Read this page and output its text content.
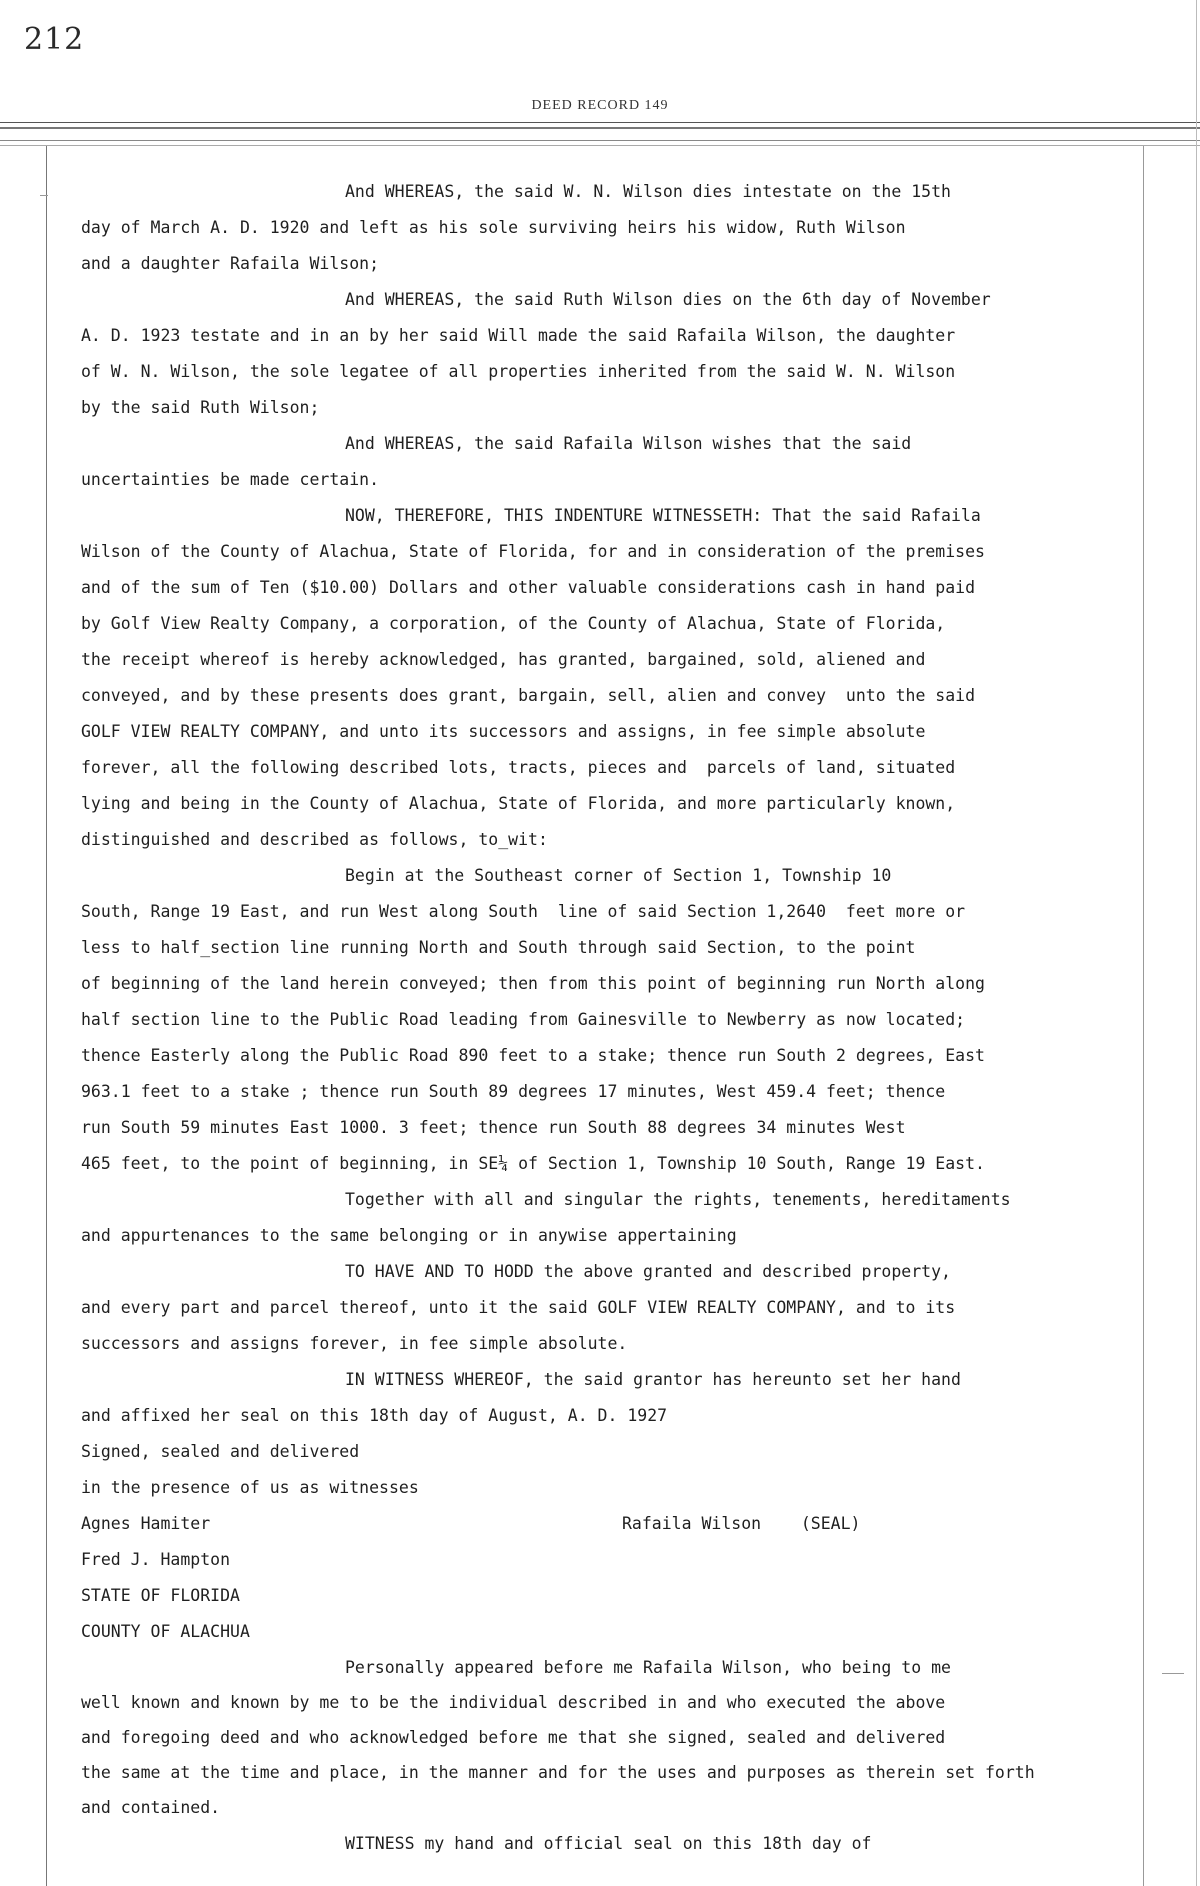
212
DEED RECORD 149
And WHEREAS, the said W. N. Wilson dies intestate on the 15th
day of March A. D. 1920 and left as his sole surviving heirs his widow, Ruth Wilson
and a daughter Rafaila Wilson;
And WHEREAS, the said Ruth Wilson dies on the 6th day of November
A. D. 1923 testate and in an by her said Will made the said Rafaila Wilson, the daughter
of W. N. Wilson, the sole legatee of all properties inherited from the said W. N. Wilson
by the said Ruth Wilson;
And WHEREAS, the said Rafaila Wilson wishes that the said
uncertainties be made certain.
NOW, THEREFORE, THIS INDENTURE WITNESSETH: That the said Rafaila
Wilson of the County of Alachua, State of Florida, for and in consideration of the premises
and of the sum of Ten ($10.00) Dollars and other valuable considerations cash in hand paid
by Golf View Realty Company, a corporation, of the County of Alachua, State of Florida,
the receipt whereof is hereby acknowledged, has granted, bargained, sold, aliened and
conveyed, and by these presents does grant, bargain, sell, alien and convey  unto the said
GOLF VIEW REALTY COMPANY, and unto its successors and assigns, in fee simple absolute
forever, all the following described lots, tracts, pieces and  parcels of land, situated
lying and being in the County of Alachua, State of Florida, and more particularly known,
distinguished and described as follows, to_wit:
Begin at the Southeast corner of Section 1, Township 10
South, Range 19 East, and run West along South  line of said Section 1,2640  feet more or
less to half_section line running North and South through said Section, to the point
of beginning of the land herein conveyed; then from this point of beginning run North along
half section line to the Public Road leading from Gainesville to Newberry as now located;
thence Easterly along the Public Road 890 feet to a stake; thence run South 2 degrees, East
963.1 feet to a stake ; thence run South 89 degrees 17 minutes, West 459.4 feet; thence
run South 59 minutes East 1000. 3 feet; thence run South 88 degrees 34 minutes West
465 feet, to the point of beginning, in SE¼ of Section 1, Township 10 South, Range 19 East.
Together with all and singular the rights, tenements, hereditaments
and appurtenances to the same belonging or in anywise appertaining
TO HAVE AND TO HODD the above granted and described property,
and every part and parcel thereof, unto it the said GOLF VIEW REALTY COMPANY, and to its
successors and assigns forever, in fee simple absolute.
IN WITNESS WHEREOF, the said grantor has hereunto set her hand
and affixed her seal on this 18th day of August, A. D. 1927
Signed, sealed and delivered
in the presence of us as witnesses
Agnes Hamiter	Rafaila Wilson (SEAL)
Fred J. Hampton
STATE OF FLORIDA
COUNTY OF ALACHUA
Personally appeared before me Rafaila Wilson, who being to me
well known and known by me to be the individual described in and who executed the above
and foregoing deed and who acknowledged before me that she signed, sealed and delivered
the same at the time and place, in the manner and for the uses and purposes as therein set forth
and contained.
WITNESS my hand and official seal on this 18th day of
